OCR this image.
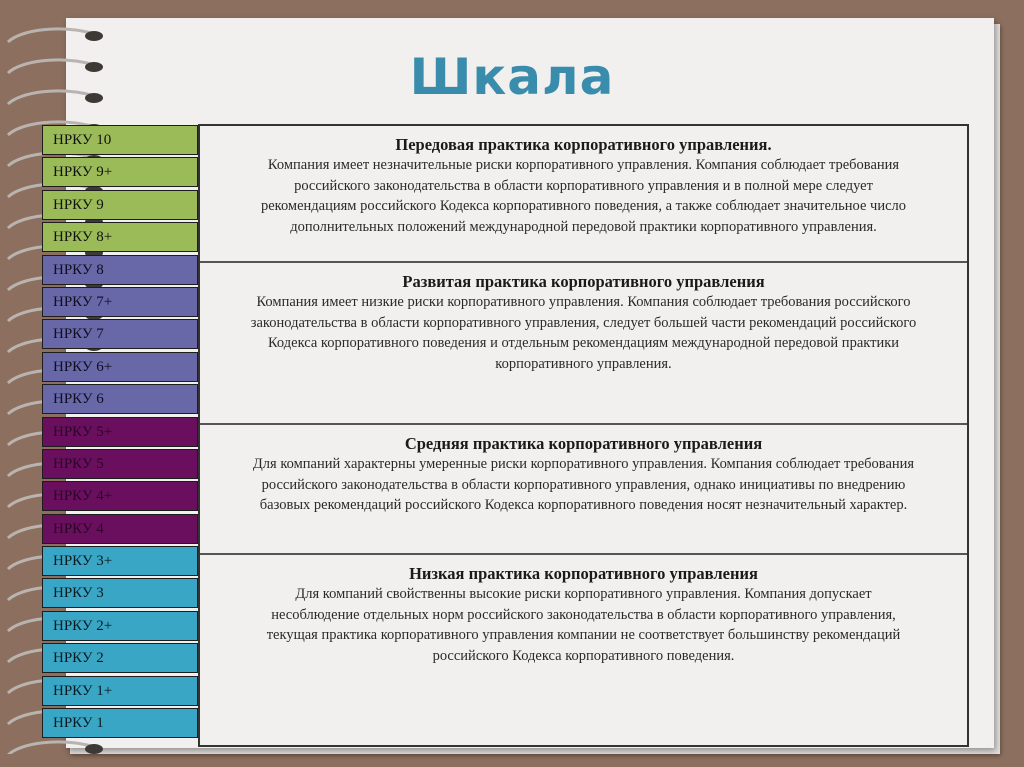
Шкала
НРКУ 10
НРКУ 9+
НРКУ 9
НРКУ 8+
НРКУ 8
НРКУ 7+
НРКУ 7
НРКУ 6+
НРКУ 6
НРКУ 5+
НРКУ 5
НРКУ 4+
НРКУ 4
НРКУ 3+
НРКУ 3
НРКУ 2+
НРКУ 2
НРКУ 1+
НРКУ 1
Передовая практика корпоративного управления.
Компания имеет незначительные риски корпоративного управления. Компания соблюдает требования российского законодательства в области корпоративного управления и в полной мере следует рекомендациям российского Кодекса корпоративного поведения, а также соблюдает значительное число дополнительных положений международной передовой практики корпоративного управления.
Развитая практика корпоративного управления
Компания имеет низкие риски корпоративного управления. Компания соблюдает требования российского законодательства в области корпоративного управления, следует большей части рекомендаций российского Кодекса корпоративного поведения и отдельным рекомендациям международной передовой практики корпоративного управления.
Средняя практика корпоративного управления
Для компаний характерны умеренные риски корпоративного управления. Компания соблюдает требования российского законодательства в области корпоративного управления, однако инициативы по внедрению базовых рекомендаций российского Кодекса корпоративного поведения носят незначительный характер.
Низкая практика корпоративного управления
Для компаний свойственны высокие риски корпоративного управления. Компания допускает несоблюдение отдельных норм российского законодательства в области корпоративного управления, текущая практика корпоративного управления компании не соответствует большинству рекомендаций российского Кодекса корпоративного поведения.
